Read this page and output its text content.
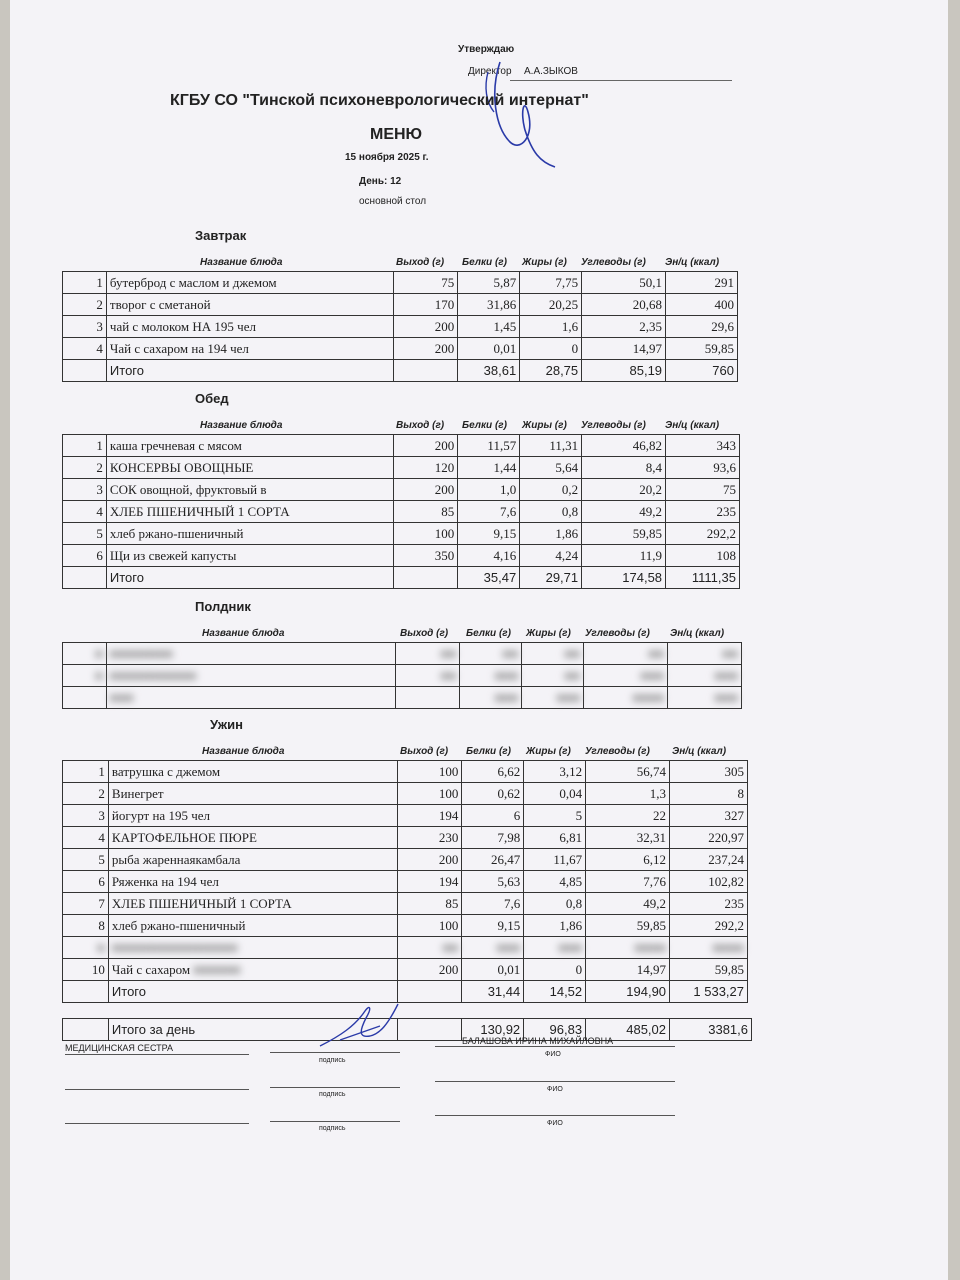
Утверждаю
Директор А.А.ЗЫКОВ
КГБУ СО "Тинской психоневрологический интернат"
МЕНЮ
15 ноября 2025 г.
День: 12
основной стол
Завтрак
Название блюда	Выход (г) Белки (г) Жиры (г) Углеводы (г) Эн/ц (ккал)
1	бутерброд с маслом и джемом	75	5,87	7,75	50,1	291
2	творог с сметаной	170	31,86	20,25	20,68	400
3	чай с молоком НА 195 чел	200	1,45	1,6	2,35	29,6
4	Чай с сахаром на 194 чел	200	0,01	0	14,97	59,85
	Итого		38,61	28,75	85,19	760
Обед
Название блюда	Выход (г) Белки (г) Жиры (г) Углеводы (г) Эн/ц (ккал)
1	каша гречневая с мясом	200	11,57	11,31	46,82	343
2	КОНСЕРВЫ ОВОЩНЫЕ	120	1,44	5,64	8,4	93,6
3	СОК овощной, фруктовый в	200	1,0	0,2	20,2	75
4	ХЛЕБ ПШЕНИЧНЫЙ 1 СОРТА	85	7,6	0,8	49,2	235
5	хлеб ржано-пшеничный	100	9,15	1,86	59,85	292,2
6	Щи из свежей капусты	350	4,16	4,24	11,9	108
	Итого		35,47	29,71	174,58	1111,35
Полдник
Название блюда	Выход (г) Белки (г) Жиры (г) Углеводы (г) Эн/ц (ккал)
■	■■■■■■■■	■■	■■	■■	■■	■■
■	■■■■■■■■■■■	■■	■■■	■■	■■■	■■■
	■■■		■■■	■■■	■■■■	■■■
Ужин
Название блюда	Выход (г) Белки (г) Жиры (г) Углеводы (г) Эн/ц (ккал)
1	ватрушка с джемом	100	6,62	3,12	56,74	305
2	Винегрет	100	0,62	0,04	1,3	8
3	йогурт на 195 чел	194	6	5	22	327
4	КАРТОФЕЛЬНОЕ ПЮРЕ	230	7,98	6,81	32,31	220,97
5	рыба жареннаякамбала	200	26,47	11,67	6,12	237,24
6	Ряженка на 194 чел	194	5,63	4,85	7,76	102,82
7	ХЛЕБ ПШЕНИЧНЫЙ 1 СОРТА	85	7,6	0,8	49,2	235
8	хлеб ржано-пшеничный	100	9,15	1,86	59,85	292,2
■	■■■■■■■■■■■■■■■■	■■	■■■	■■■	■■■■	■■■■
10	Чай с сахаром ■■■■■■	200	0,01	0	14,97	59,85
	Итого		31,44	14,52	194,90	1 533,27
	Итого за день		130,92	96,83	485,02	3381,6
МЕДИЦИНСКАЯ СЕСТРА
БАЛАШОВА ИРИНА МИХАЙЛОВНА
подпись
ФИО
подпись
ФИО
подпись
ФИО
